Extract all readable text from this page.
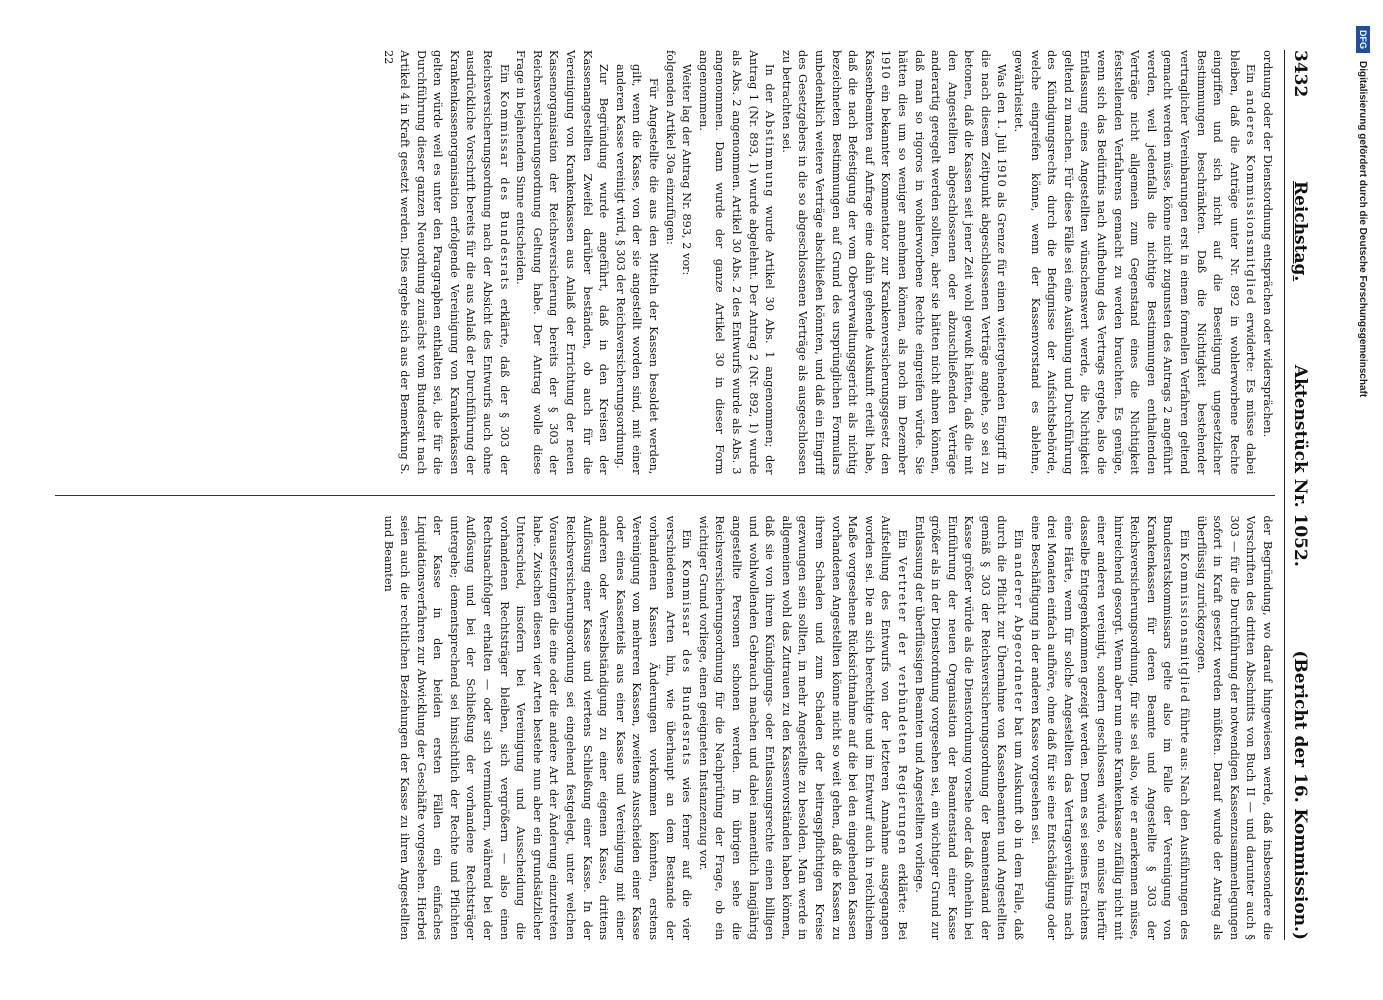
3432
Reichstag.
Aktenstück Nr. 1052.
(Bericht der 16. Kommission.)

ordnung oder der Dienstordnung entsprächen oder widersprächen.

Ein anderes Kommissionsmitglied erwiderte: Es müsse dabei bleiben, daß die Anträge unter Nr. 892 in wohlerworbene Rechte eingriffen und sich nicht auf die Beseitigung ungesetzlicher Bestimmungen beschränkten. Daß die Nichtigkeit bestehender vertraglicher Vereinbarungen erst in einem formellen Verfahren geltend gemacht werden müsse, könne nicht zugunsten des Antrags 2 angeführt werden, weil jedenfalls die nichtige Bestimmungen enthaltenden Verträge nicht allgemein zum Gegenstand eines die Nichtigkeit feststellenden Verfahrens gemacht zu werden brauchten. Es genüge, wenn sich das Bedürfnis nach Aufhebung des Vertrags ergebe, also die Entlassung eines Angestellten wünschenswert werde, die Nichtigkeit geltend zu machen. Für diese Fälle sei eine Ausübung und Durchführung des Kündigungsrechts durch die Befugnisse der Aufsichtsbehörde, welche eingreifen könne, wenn der Kassenvorstand es ablehne, gewährleistet.

Was den 1. Juli 1910 als Grenze für einen weitergehenden Eingriff in die nach diesem Zeitpunkt abgeschlossenen Verträge angehe, so sei zu betonen, daß die Kassen seit jener Zeit wohl gewußt hätten, daß die mit den Angestellten abgeschlossenen oder abzuschließenden Verträge anderartig geregelt werden sollten, aber sie hätten nicht ahnen können, daß man so rigoros in wohlerworbene Rechte eingreifen würde. Sie hätten dies um so weniger annehmen können, als noch im Dezember 1910 ein bekannter Kommentator zur Krankenversicherungsgesetz den Kassenbeamten auf Anfrage eine dahin gehende Auskunft erteilt habe, daß die nach Befestigung der vom Oberverwaltungsgericht als nichtig bezeichneten Bestimmungen auf Grund des ursprünglichen Formulars unbedenklich weitere Verträge abschließen könnten, und daß ein Eingriff des Gesetzgebers in die so abgeschlossenen Verträge als ausgeschlossen zu betrachten sei.

In der Abstimmung wurde Artikel 30 Abs. 1 angenommen; der Antrag 1 (Nr. 893, 1) wurde abgelehnt. Der Antrag 2 (Nr. 892, 1) wurde als Abs. 2 angenommen. Artikel 30 Abs. 2 des Entwurfs wurde als Abs. 3 angenommen. Dann wurde der ganze Artikel 30 in dieser Form angenommen.

Weiter lag der Antrag Nr. 893, 2 vor:

folgenden Artikel 30a einzufügen:

Für Angestellte die aus den Mitteln der Kassen besoldet werden, gilt, wenn die Kasse, von der sie angestellt worden sind, mit einer anderen Kasse vereinigt wird, § 303 der Reichsversicherungsordnung.

Zur Begründung wurde angeführt, daß in den Kreisen der Kassenangestellten Zweifel darüber beständen, ob auch für die Vereinigung von Krankenkassen aus Anlaß der Errichtung der neuen Kassenorganisation der Reichsversicherung bereits der § 303 der Reichsversicherungsordnung Geltung habe. Der Antrag wolle diese Frage in bejahendem Sinne entscheiden.

Ein Kommissar des Bundesrats erklärte, daß der § 303 der Reichsversicherungsordnung nach der Absicht des Entwurfs auch ohne ausdrückliche Vorschrift bereits für die aus Anlaß der Durchführung der Krankenkassenorganisation erfolgende Vereinigung von Krankenkassen gelten würde weil es unter den Paragraphen enthalten sei, die für die Durchführung dieser ganzen Neuordnung zunächst vom Bundesrat nach Artikel 4 in Kraft gesetzt werden. Dies ergebe sich aus der Bemerkung S. 22

der Begründung, wo darauf hingewiesen werde, daß insbesondere die Vorschriften des dritten Abschnitts von Buch II — und darunter auch § 303 — für die Durchführung der notwendigen Kassenzusammenlegungen sofort in Kraft gesetzt werden müßten. Darauf wurde der Antrag als überflüssig zurückgezogen.

Ein Kommissionsmitglied führte aus: Nach den Ausführungen des Bundesratskommissars gelte also im Falle der Vereinigung von Krankenkassen für deren Beamte und Angestellte § 303 der Reichsversicherungsordnung, für sie sei also, wie er anerkennen müsse, hinreichend gesorgt. Wenn aber nun eine Krankenkasse zufällig nicht mit einer anderen vereinigt, sondern geschlossen würde, so müsse hierfür dasselbe Entgegenkommen gezeigt werden. Denn es sei seines Erachtens eine Härte, wenn für solche Angestellten das Vertragsverhältnis nach drei Monaten einfach aufhöre, ohne daß für sie eine Entschädigung oder eine Beschäftigung in der anderen Kasse vorgesehen sei.

Ein anderer Abgeordneter bat um Auskunft ob in dem Falle, daß durch die Pflicht zur Übernahme von Kassenbeamten und Angestellten gemäß § 303 der Reichsversicherungsordnung der Beamtenstand der Kasse größer würde als die Dienstordnung vorsehe oder daß ohnehin bei Einführung der neuen Organisation der Beamtenstand einer Kasse größer als in der Dienstordnung vorgesehen sei, ein wichtiger Grund zur Entlassung der überflüssigen Beamten und Angestellten vorliege.

Ein Vertreter der verbündeten Regierungen erklärte: Bei Aufstellung des Entwurfs von der letzteren Annahme ausgegangen worden sei. Die an sich berechtigte und im Entwurf auch in reichlichem Maße vorgesehene Rücksichtnahme auf die bei den eingehenden Kassen vorhandenen Angestellten könne nicht so weit gehen, daß die Kassen zu ihrem Schaden und zum Schaden der beitragspflichtigen Kreise gezwungen sein sollten, in mehr Angestellte zu besolden. Man werde in allgemeinen wohl das Zutrauen zu den Kassenvorständen haben können, daß sie von ihrem Kündigungs- oder Entlassungsrechte einen billigen und wohlwollenden Gebrauch machen und dabei namentlich langjährig angestellte Personen schonen werden. Im übrigen sehe die Reichsversicherungsordnung für die Nachprüfung der Frage, ob ein wichtiger Grund vorliege, einen geeigneten Instanzenzug vor.

Ein Kommissar des Bundesrats wies ferner auf die vier verschiedenen Arten hin, wie überhaupt an dem Bestande der vorhandenen Kassen Änderungen vorkommen könnten, erstens Vereinigung von mehreren Kassen, zweitens Ausscheiden einer Kasse oder eines Kassenteils aus einer Kasse und Vereinigung mit einer anderen oder Verselbständigung zu einer eigenen Kasse, drittens Auflösung einer Kasse und viertens Schließung einer Kasse. In der Reichsversicherungsordnung sei eingehend festgelegt, unter welchen Voraussetzungen die eine oder die andere Art der Änderung einzutreten habe. Zwischen diesen vier Arten bestehe nun aber ein grundsätzlicher Unterschied, insofern bei Vereinigung und Ausscheidung die vorhandenen Rechtsträger bleiben, sich vergrößern — also einen Rechtsnachfolger erhalten — oder sich vermindern, während bei der Auflösung und bei der Schließung der vorhandene Rechtsträger untergehe; dementsprechend sei hinsichtlich der Rechte und Pflichten der Kasse in den beiden ersten Fällen ein einfaches Liquidationsverfahren zur Abwicklung der Geschäfte vorgesehen. Hierbei seien auch die rechtlichen Beziehungen der Kasse zu ihren Angestellten und Beamten

DFG
Digitalisierung gefördert durch die Deutsche Forschungsgemeinschaft
